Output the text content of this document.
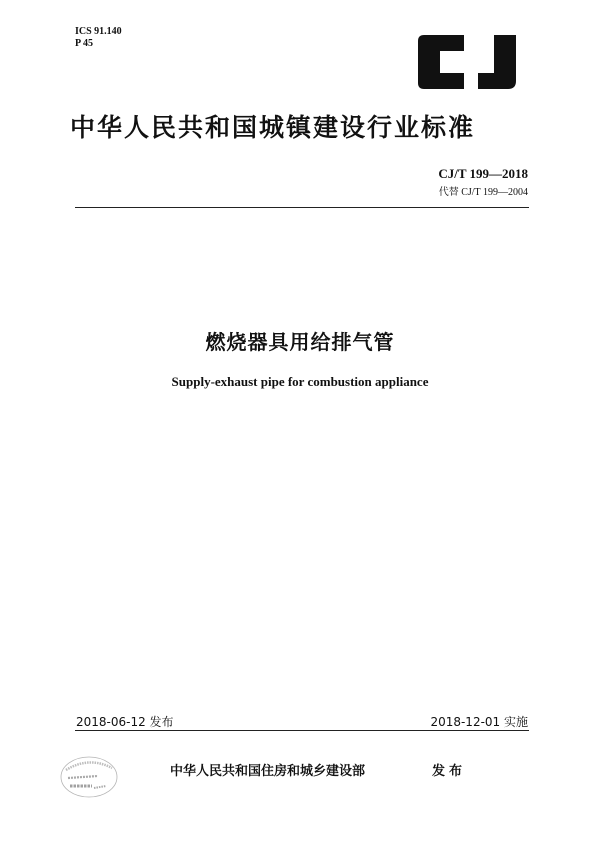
ICS 91.140
P 45
中华人民共和国城镇建设行业标准
CJ/T 199—2018
代替 CJ/T 199—2004
燃烧器具用给排气管
Supply-exhaust pipe for combustion appliance
2018-06-12 发布	2018-12-01 实施
中华人民共和国住房和城乡建设部	发布
